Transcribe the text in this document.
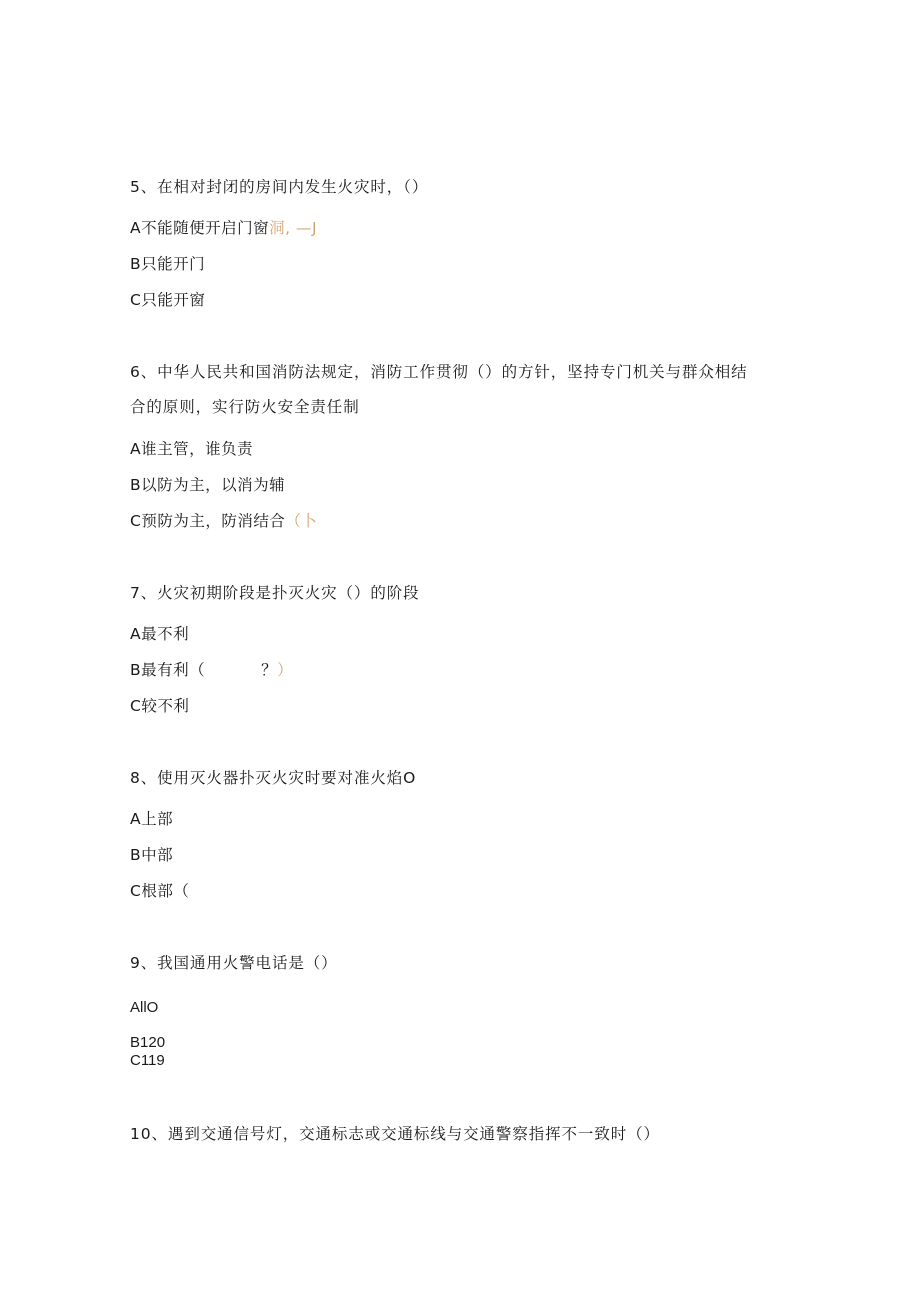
5、在相对封闭的房间内发生火灾时，（）
A不能随便开启门窗洞, —J
B只能开门
C只能开窗
6、中华人民共和国消防法规定，消防工作贯彻（）的方针，坚持专门机关与群众相结
合的原则，实行防火安全责任制
A谁主管，谁负责
B以防为主，以消为辅
C预防为主，防消结合（卜
7、火灾初期阶段是扑灭火灾（）的阶段
A最不利
B最有利（	？）
C较不利
8、使用灭火器扑灭火灾时要对准火焰O
A上部
B中部
C根部（
9、我国通用火警电话是（）
AllO
B120
C119
10、遇到交通信号灯，交通标志或交通标线与交通警察指挥不一致时（）
